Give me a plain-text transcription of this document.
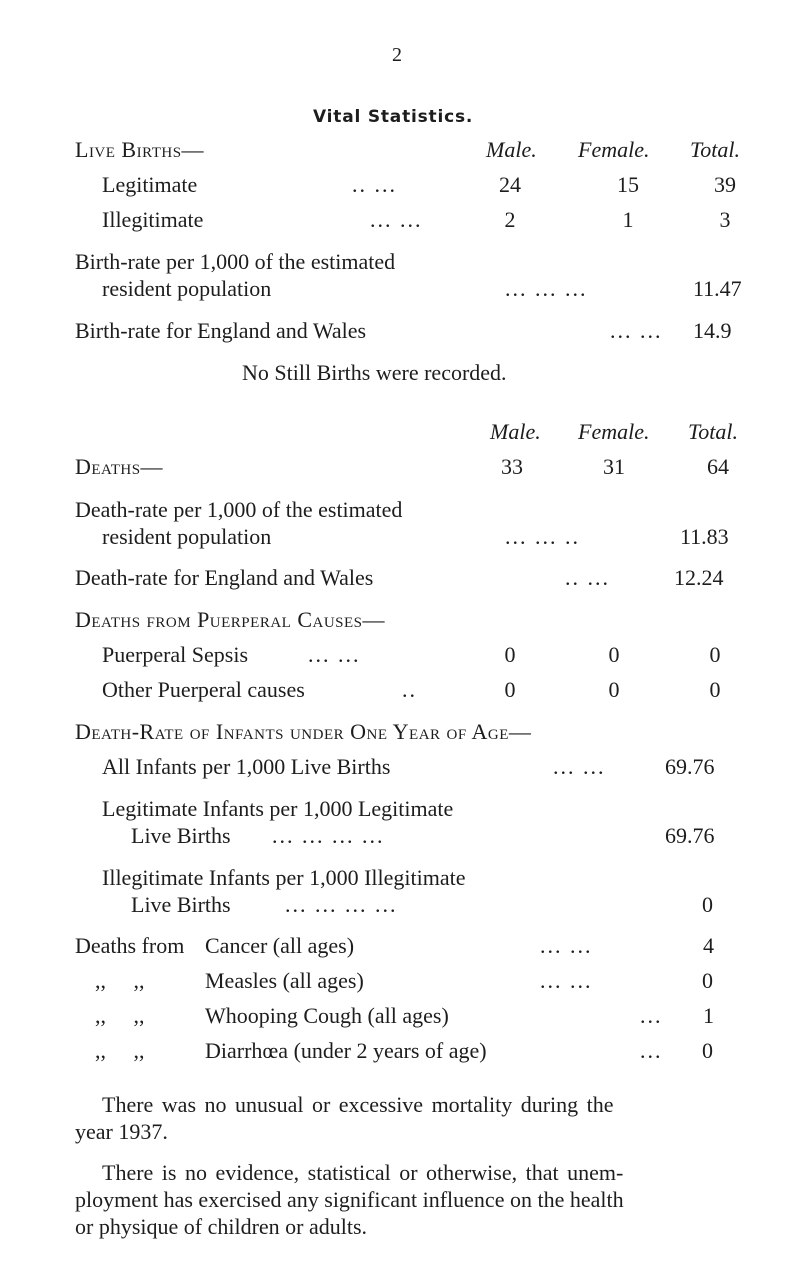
2
Vital Statistics.
Live Births—	Male. Female. Total.
Legitimate	.. ...	24	15	39
Illegitimate	... ...	2	1	3
Birth-rate per 1,000 of the estimated
resident population	... ... ...	11.47
Birth-rate for England and Wales	... ... 14.9
No Still Births were recorded.
Male. Female. Total.
Deaths—	33	31	64
Death-rate per 1,000 of the estimated
resident population	... ... ..	11.83
Death-rate for England and Wales	.. ...	12.24
Deaths from Puerperal Causes—
Puerperal Sepsis	... ...	0	0	0
Other Puerperal causes	..	0	0	0
Death-Rate of Infants under One Year of Age—
All Infants per 1,000 Live Births	... ...	69.76
Legitimate Infants per 1,000 Legitimate
Live Births ... ... ... ...	69.76
Illegitimate Infants per 1,000 Illegitimate
Live Births ... ... ... ...	0
Deaths from Cancer (all ages)	... ...	4
,,     ,,	Measles (all ages)	... ...	0
,,     ,,	Whooping Cough (all ages)	... 1
,,     ,,	Diarrhœa (under 2 years of age)	... 0
There was no unusual or excessive mortality during the
year 1937.
There is no evidence, statistical or otherwise, that unem-
ployment has exercised any significant influence on the health
or physique of children or adults.
